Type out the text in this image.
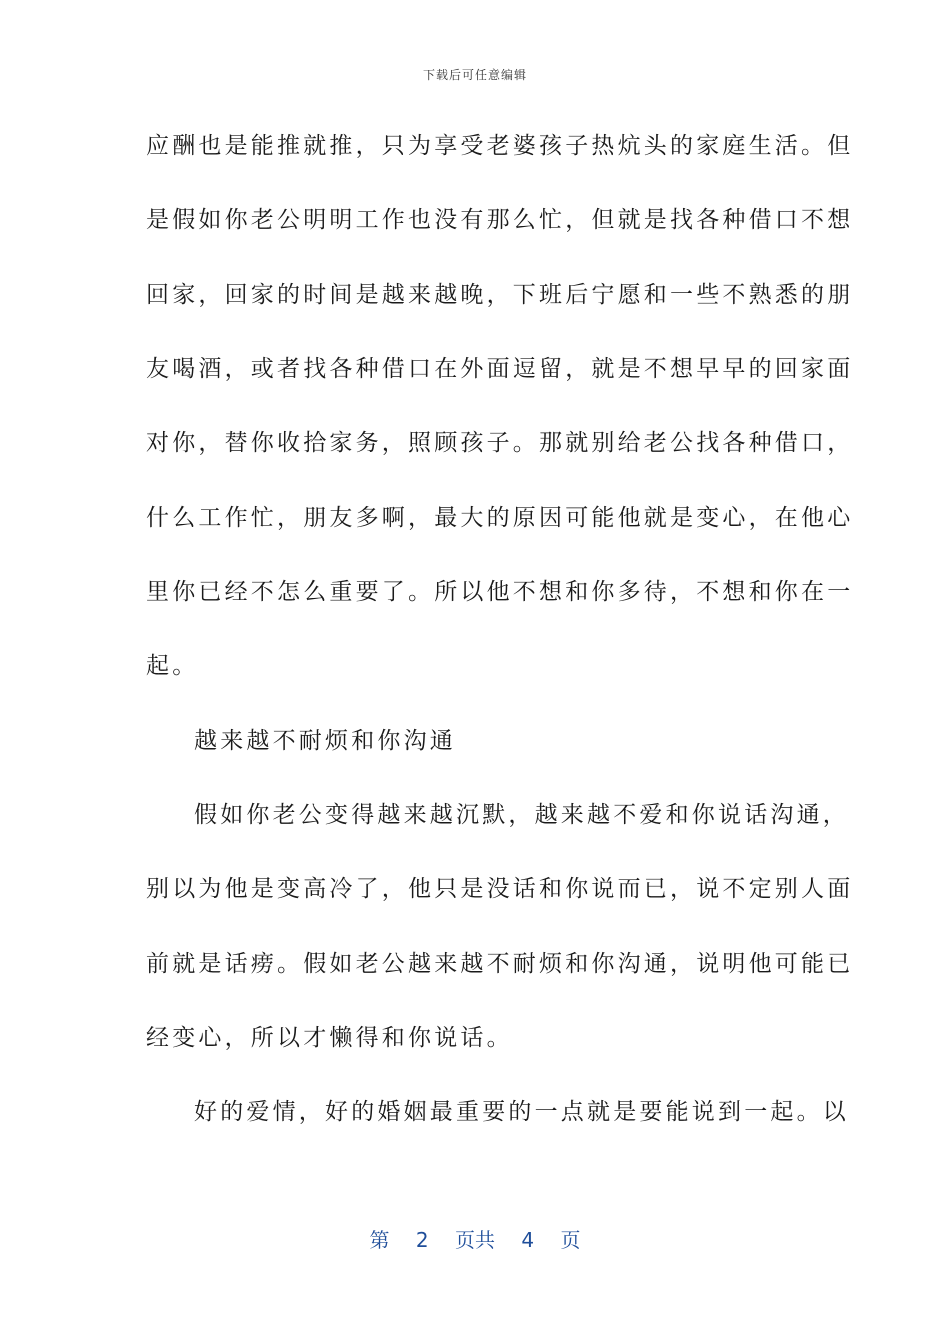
下载后可任意编辑
应酬也是能推就推，只为享受老婆孩子热炕头的家庭生活。但
是假如你老公明明工作也没有那么忙，但就是找各种借口不想
回家，回家的时间是越来越晚，下班后宁愿和一些不熟悉的朋
友喝酒，或者找各种借口在外面逗留，就是不想早早的回家面
对你，替你收拾家务，照顾孩子。那就别给老公找各种借口，
什么工作忙，朋友多啊，最大的原因可能他就是变心，在他心
里你已经不怎么重要了。所以他不想和你多待，不想和你在一
起。
越来越不耐烦和你沟通
假如你老公变得越来越沉默，越来越不爱和你说话沟通，
别以为他是变高冷了，他只是没话和你说而已，说不定别人面
前就是话痨。假如老公越来越不耐烦和你沟通，说明他可能已
经变心，所以才懒得和你说话。
好的爱情，好的婚姻最重要的一点就是要能说到一起。以
第 2 页共 4 页
